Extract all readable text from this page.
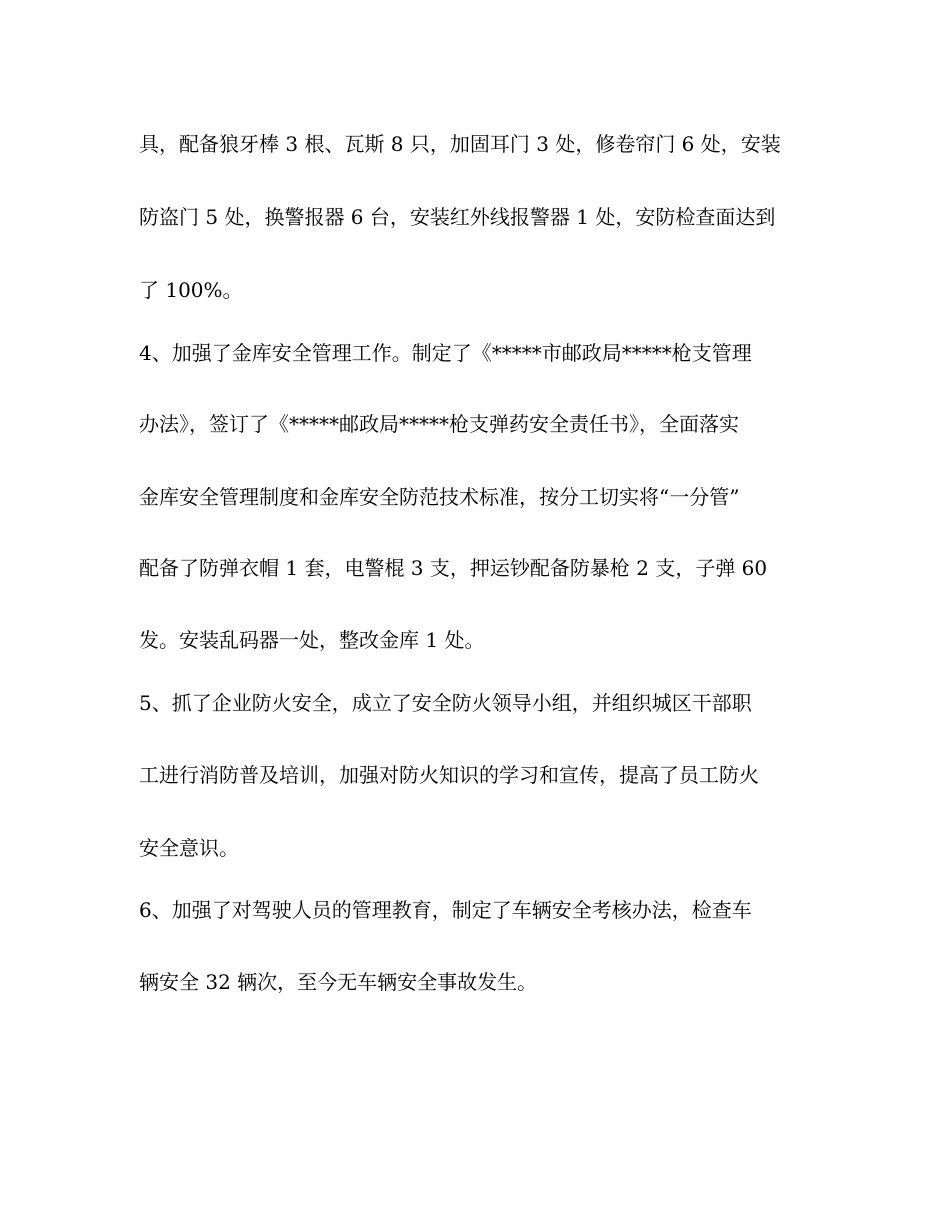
具，配备狼牙棒 3 根、瓦斯 8 只，加固耳门 3 处，修卷帘门 6 处，安装

防盗门 5 处，换警报器 6 台，安装红外线报警器 1 处，安防检查面达到

了 100%。

4、加强了金库安全管理工作。制定了《*****市邮政局*****枪支管理

办法》，签订了《*****邮政局*****枪支弹药安全责任书》，全面落实

金库安全管理制度和金库安全防范技术标准，按分工切实将“一分管”

配备了防弹衣帽 1 套，电警棍 3 支，押运钞配备防暴枪 2 支，子弹 60

发。安装乱码器一处，整改金库 1 处。

5、抓了企业防火安全，成立了安全防火领导小组，并组织城区干部职

工进行消防普及培训，加强对防火知识的学习和宣传，提高了员工防火

安全意识。

6、加强了对驾驶人员的管理教育，制定了车辆安全考核办法，检查车

辆安全 32 辆次，至今无车辆安全事故发生。
